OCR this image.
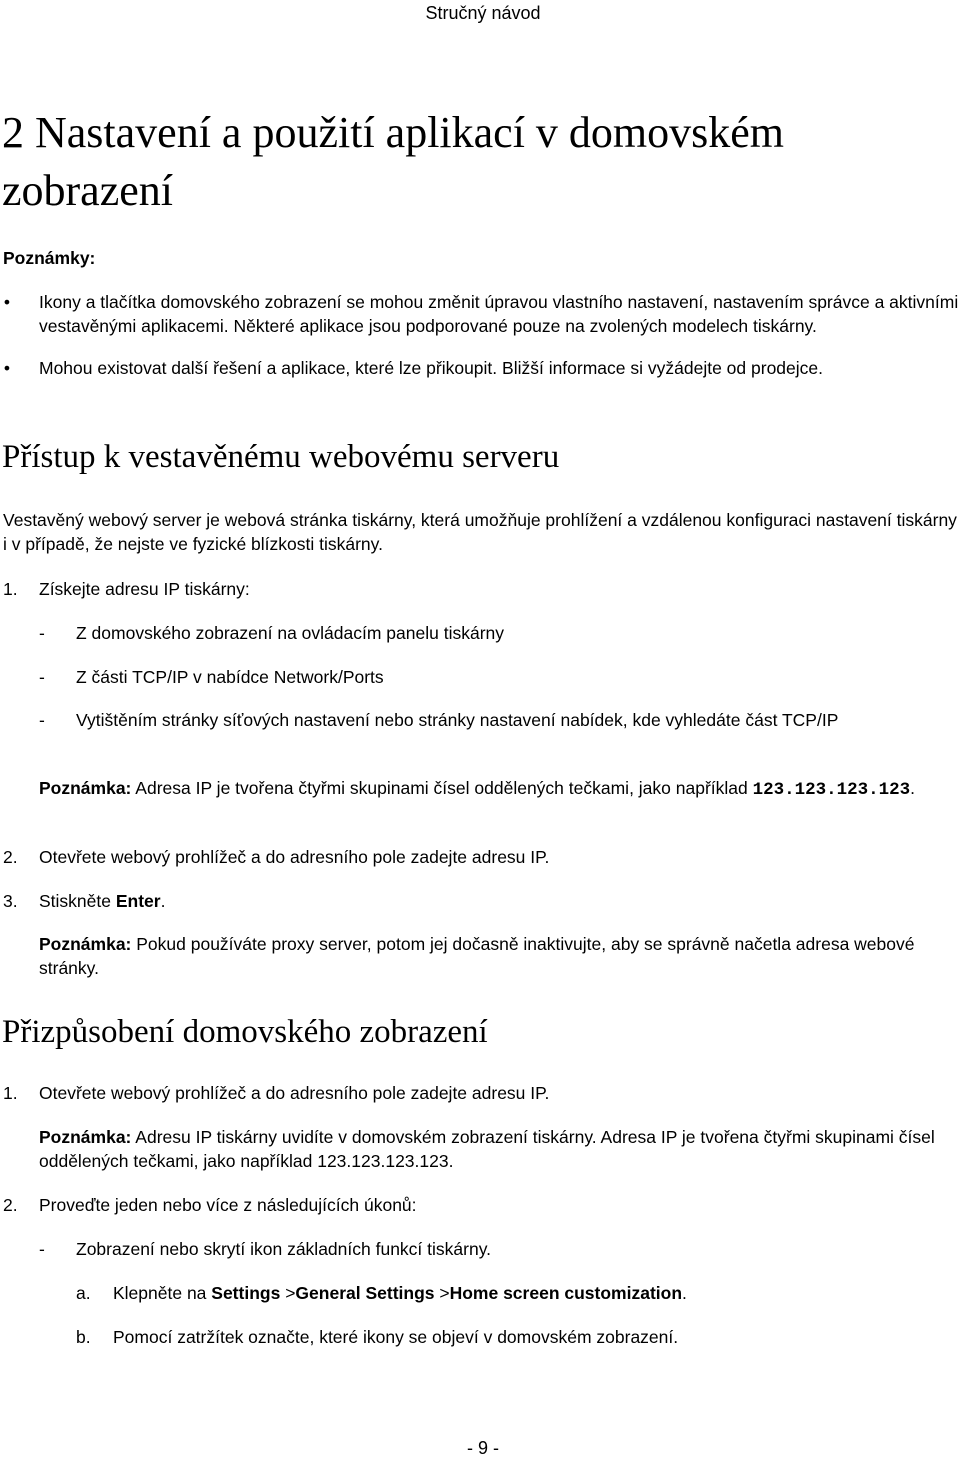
Stručný návod
2 Nastavení a použití aplikací v domovském zobrazení
Poznámky:
• Ikony a tlačítka domovského zobrazení se mohou změnit úpravou vlastního nastavení, nastavením správce a aktivními vestavěnými aplikacemi. Některé aplikace jsou podporované pouze na zvolených modelech tiskárny.
• Mohou existovat další řešení a aplikace, které lze přikoupit. Bližší informace si vyžádejte od prodejce.
Přístup k vestavěnému webovému serveru
Vestavěný webový server je webová stránka tiskárny, která umožňuje prohlížení a vzdálenou konfiguraci nastavení tiskárny i v případě, že nejste ve fyzické blízkosti tiskárny.
1. Získejte adresu IP tiskárny:
- Z domovského zobrazení na ovládacím panelu tiskárny
- Z části TCP/IP v nabídce Network/Ports
- Vytištěním stránky síťových nastavení nebo stránky nastavení nabídek, kde vyhledáte část TCP/IP
Poznámka: Adresa IP je tvořena čtyřmi skupinami čísel oddělených tečkami, jako například 123.123.123.123.
2. Otevřete webový prohlížeč a do adresního pole zadejte adresu IP.
3. Stiskněte Enter.
Poznámka: Pokud používáte proxy server, potom jej dočasně inaktivujte, aby se správně načetla adresa webové stránky.
Přizpůsobení domovského zobrazení
1. Otevřete webový prohlížeč a do adresního pole zadejte adresu IP.
Poznámka: Adresu IP tiskárny uvidíte v domovském zobrazení tiskárny. Adresa IP je tvořena čtyřmi skupinami čísel oddělených tečkami, jako například 123.123.123.123.
2. Proveďte jeden nebo více z následujících úkonů:
- Zobrazení nebo skrytí ikon základních funkcí tiskárny.
a. Klepněte na Settings >General Settings >Home screen customization.
b. Pomocí zatržítek označte, které ikony se objeví v domovském zobrazení.
- 9 -
